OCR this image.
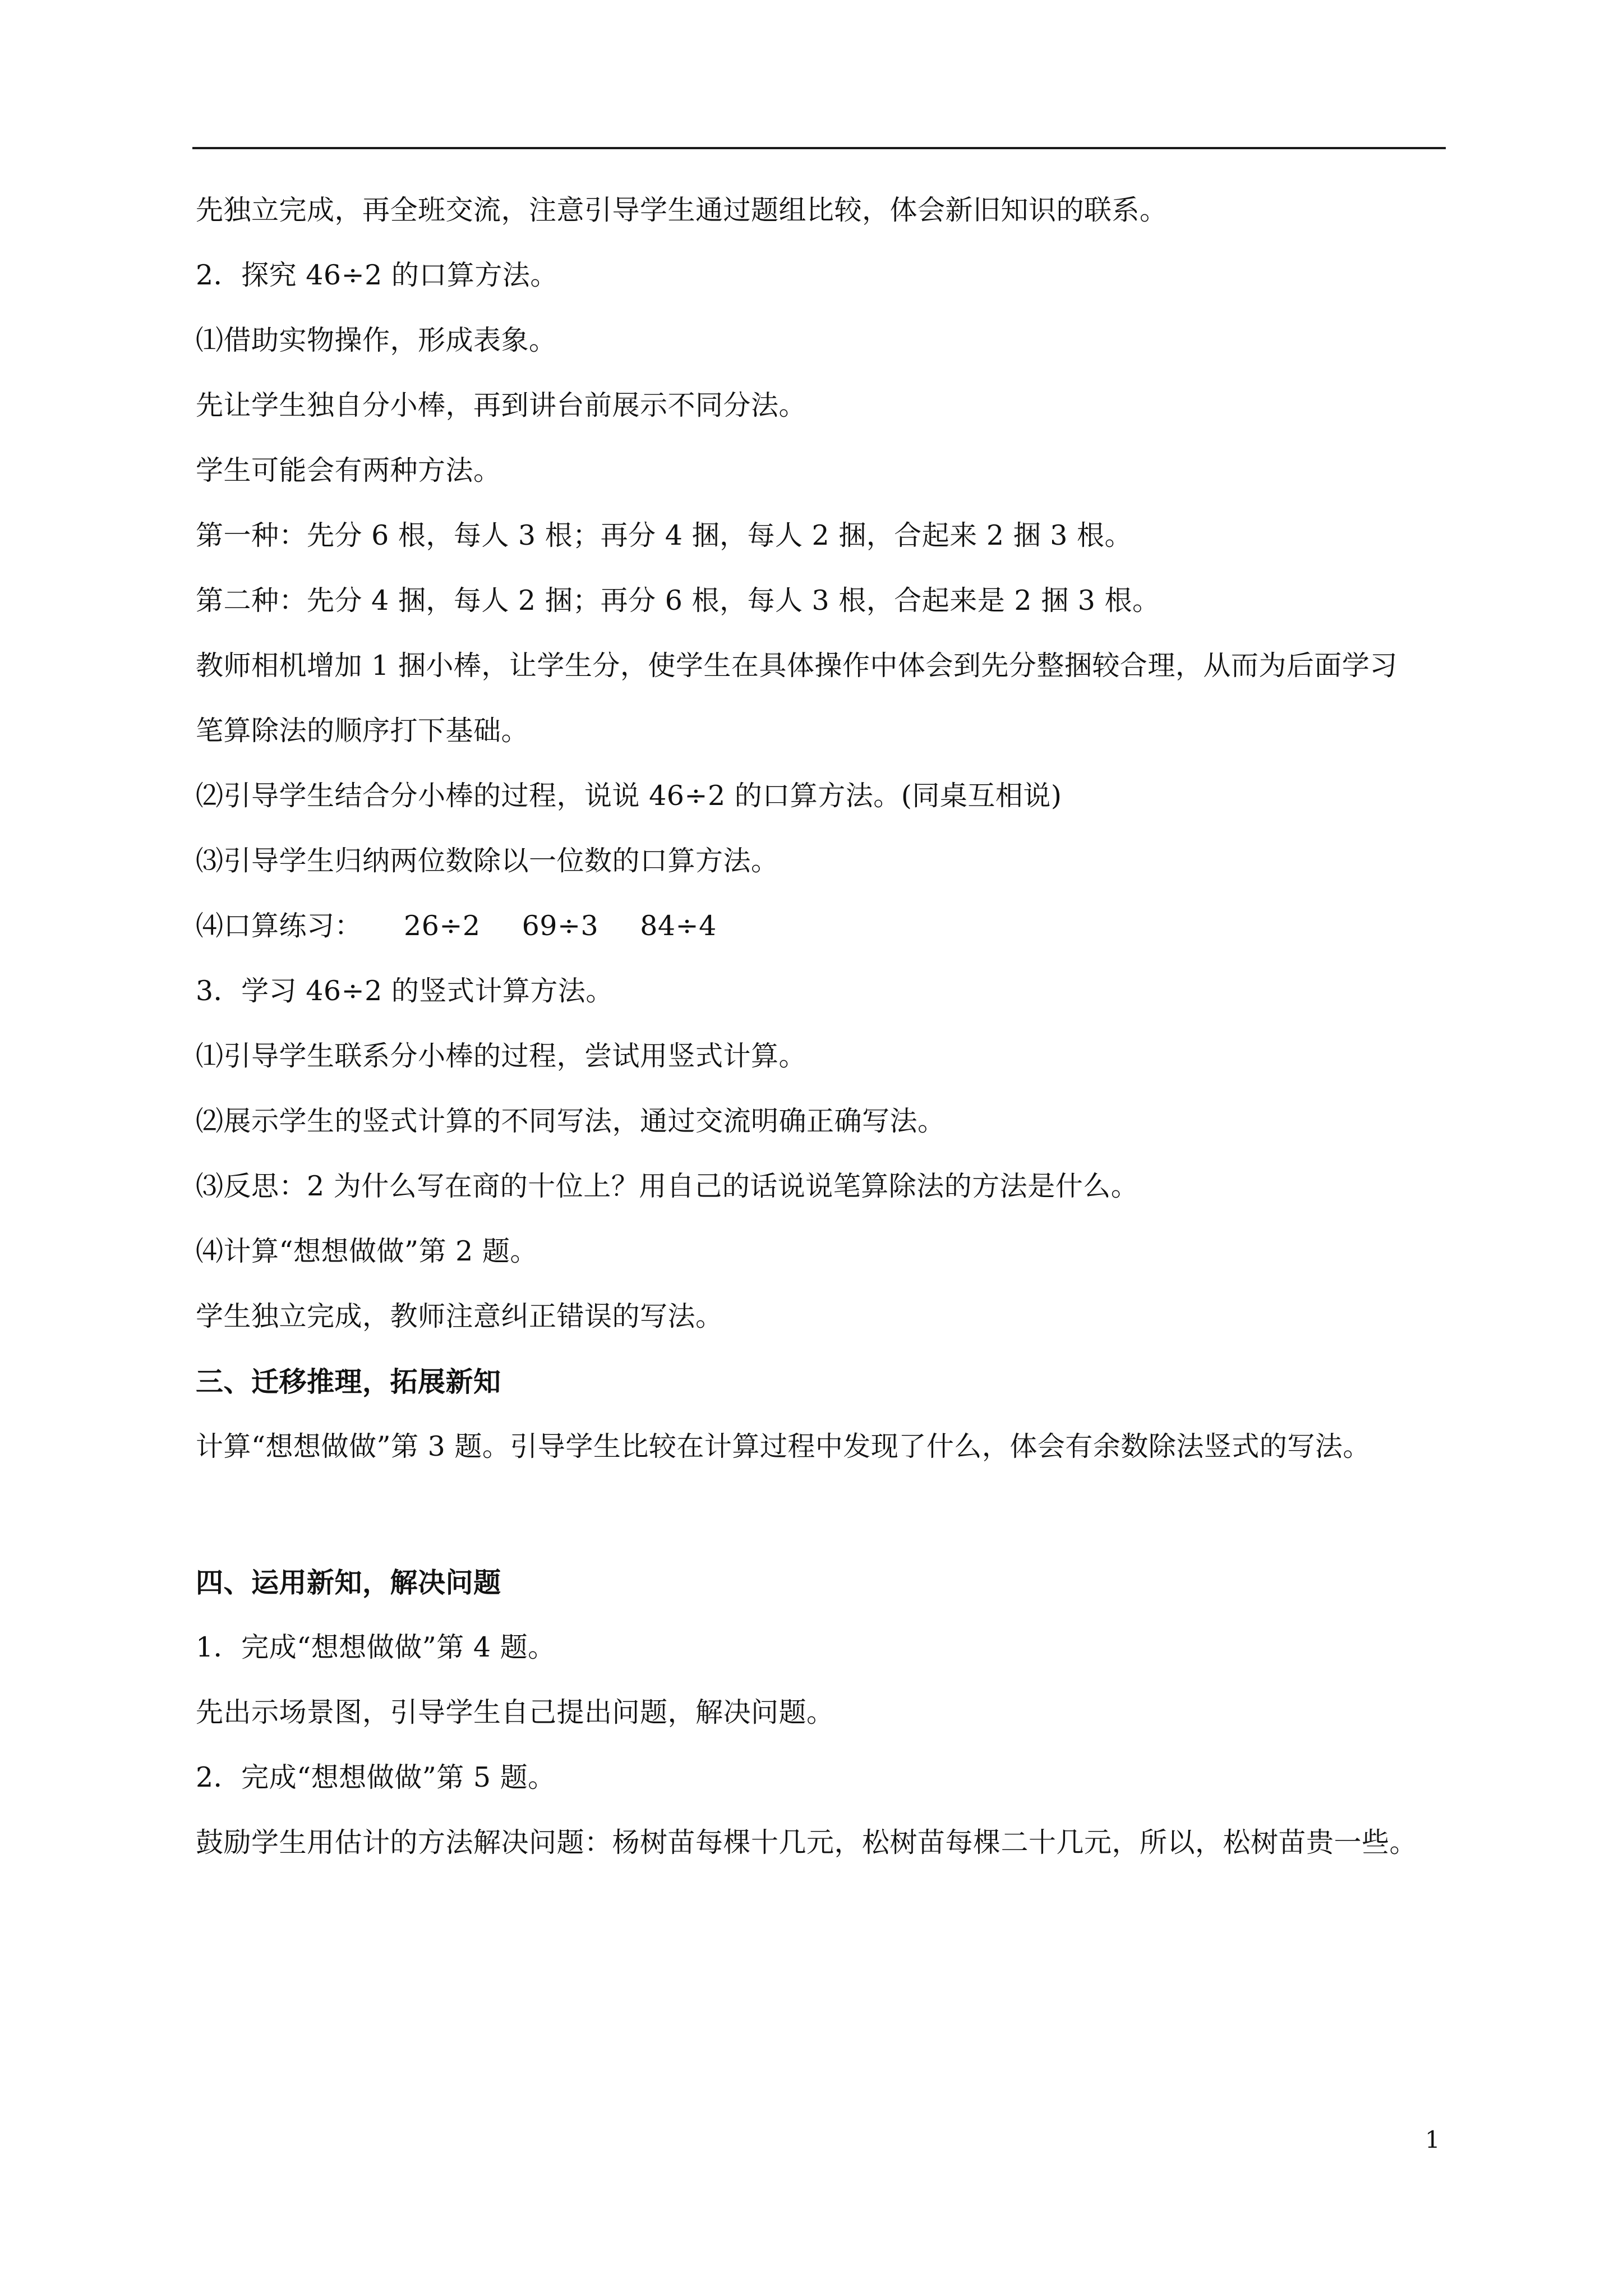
先独立完成，再全班交流，注意引导学生通过题组比较，体会新旧知识的联系。
2．探究 46÷2 的口算方法。
⑴借助实物操作，形成表象。
先让学生独自分小棒，再到讲台前展示不同分法。
学生可能会有两种方法。
第一种：先分 6 根，每人 3 根；再分 4 捆，每人 2 捆，合起来 2 捆 3 根。
第二种：先分 4 捆，每人 2 捆；再分 6 根，每人 3 根，合起来是 2 捆 3 根。
教师相机增加 1 捆小棒，让学生分，使学生在具体操作中体会到先分整捆较合理，从而为后面学习
笔算除法的顺序打下基础。
⑵引导学生结合分小棒的过程，说说 46÷2 的口算方法。(同桌互相说)
⑶引导学生归纳两位数除以一位数的口算方法。
⑷口算练习： 26÷2 69÷3 84÷4
3．学习 46÷2 的竖式计算方法。
⑴引导学生联系分小棒的过程，尝试用竖式计算。
⑵展示学生的竖式计算的不同写法，通过交流明确正确写法。
⑶反思：2 为什么写在商的十位上？用自己的话说说笔算除法的方法是什么。
⑷计算“想想做做”第 2 题。
学生独立完成，教师注意纠正错误的写法。
三、迁移推理，拓展新知
计算“想想做做”第 3 题。引导学生比较在计算过程中发现了什么，体会有余数除法竖式的写法。
四、运用新知，解决问题
1．完成“想想做做”第 4 题。
先出示场景图，引导学生自己提出问题，解决问题。
2．完成“想想做做”第 5 题。
鼓励学生用估计的方法解决问题：杨树苗每棵十几元，松树苗每棵二十几元，所以，松树苗贵一些。
1
